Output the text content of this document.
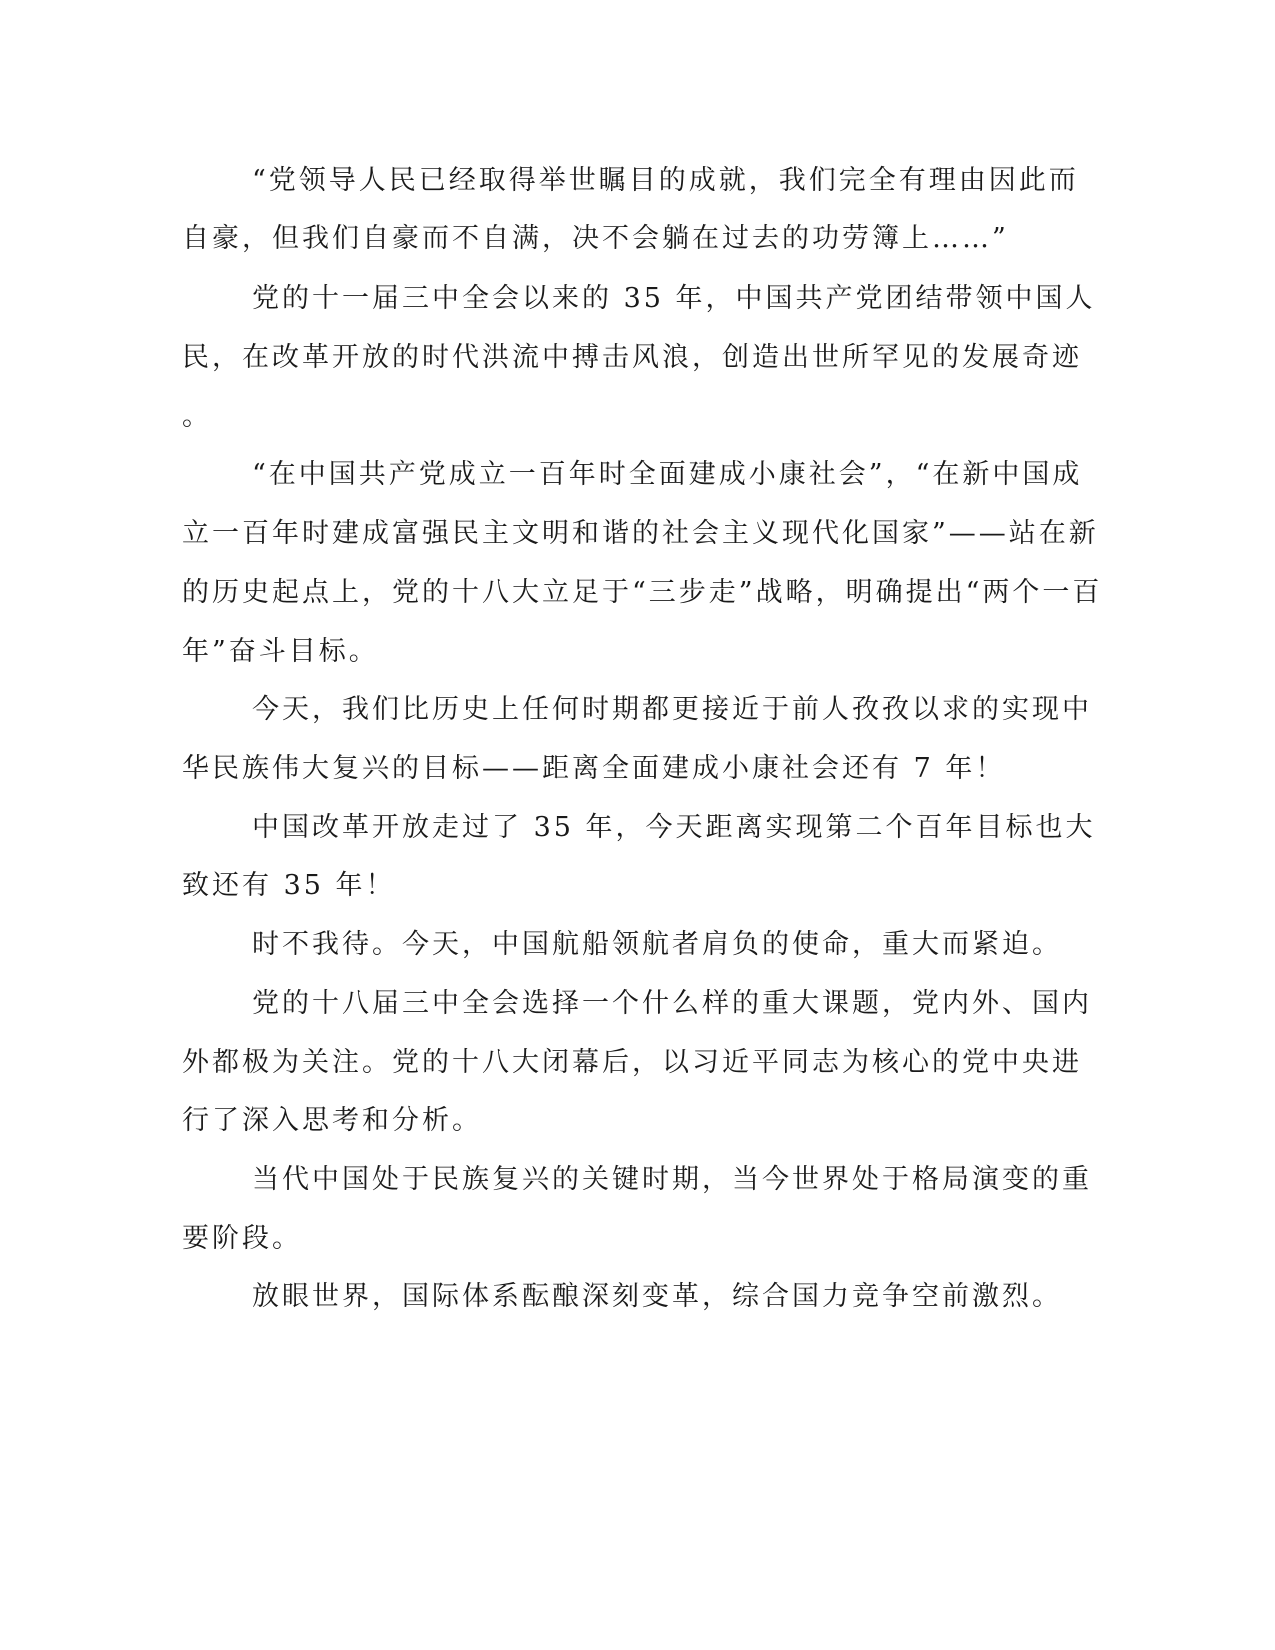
“党领导人民已经取得举世瞩目的成就，我们完全有理由因此而

自豪，但我们自豪而不自满，决不会躺在过去的功劳簿上……”

党的十一届三中全会以来的 35 年，中国共产党团结带领中国人

民，在改革开放的时代洪流中搏击风浪，创造出世所罕见的发展奇迹

。

“在中国共产党成立一百年时全面建成小康社会”，“在新中国成

立一百年时建成富强民主文明和谐的社会主义现代化国家”——站在新

的历史起点上，党的十八大立足于“三步走”战略，明确提出“两个一百

年”奋斗目标。

今天，我们比历史上任何时期都更接近于前人孜孜以求的实现中

华民族伟大复兴的目标——距离全面建成小康社会还有 7 年！

中国改革开放走过了 35 年，今天距离实现第二个百年目标也大

致还有 35 年！

时不我待。今天，中国航船领航者肩负的使命，重大而紧迫。

党的十八届三中全会选择一个什么样的重大课题，党内外、国内

外都极为关注。党的十八大闭幕后，以习近平同志为核心的党中央进

行了深入思考和分析。

当代中国处于民族复兴的关键时期，当今世界处于格局演变的重

要阶段。

放眼世界，国际体系酝酿深刻变革，综合国力竞争空前激烈。
